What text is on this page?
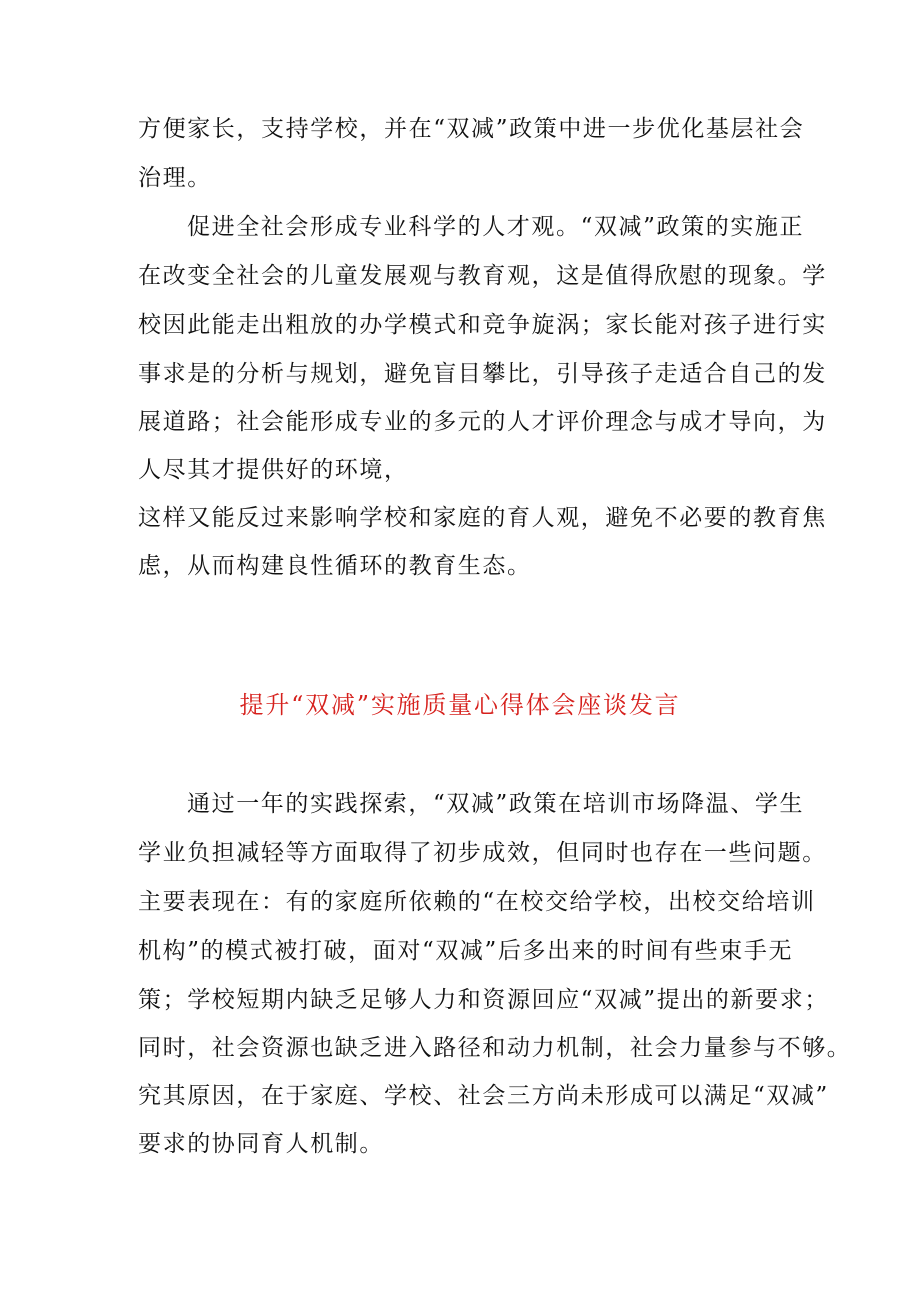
方便家长，支持学校，并在“双减”政策中进一步优化基层社会
治理。
促进全社会形成专业科学的人才观。“双减”政策的实施正
在改变全社会的儿童发展观与教育观，这是值得欣慰的现象。学
校因此能走出粗放的办学模式和竞争旋涡；家长能对孩子进行实
事求是的分析与规划，避免盲目攀比，引导孩子走适合自己的发
展道路；社会能形成专业的多元的人才评价理念与成才导向，为
人尽其才提供好的环境，
这样又能反过来影响学校和家庭的育人观，避免不必要的教育焦
虑，从而构建良性循环的教育生态。
提升“双减”实施质量心得体会座谈发言
通过一年的实践探索，“双减”政策在培训市场降温、学生
学业负担减轻等方面取得了初步成效，但同时也存在一些问题。
主要表现在：有的家庭所依赖的“在校交给学校，出校交给培训
机构”的模式被打破，面对“双减”后多出来的时间有些束手无
策；学校短期内缺乏足够人力和资源回应“双减”提出的新要求；
同时，社会资源也缺乏进入路径和动力机制，社会力量参与不够。
究其原因，在于家庭、学校、社会三方尚未形成可以满足“双减”
要求的协同育人机制。
